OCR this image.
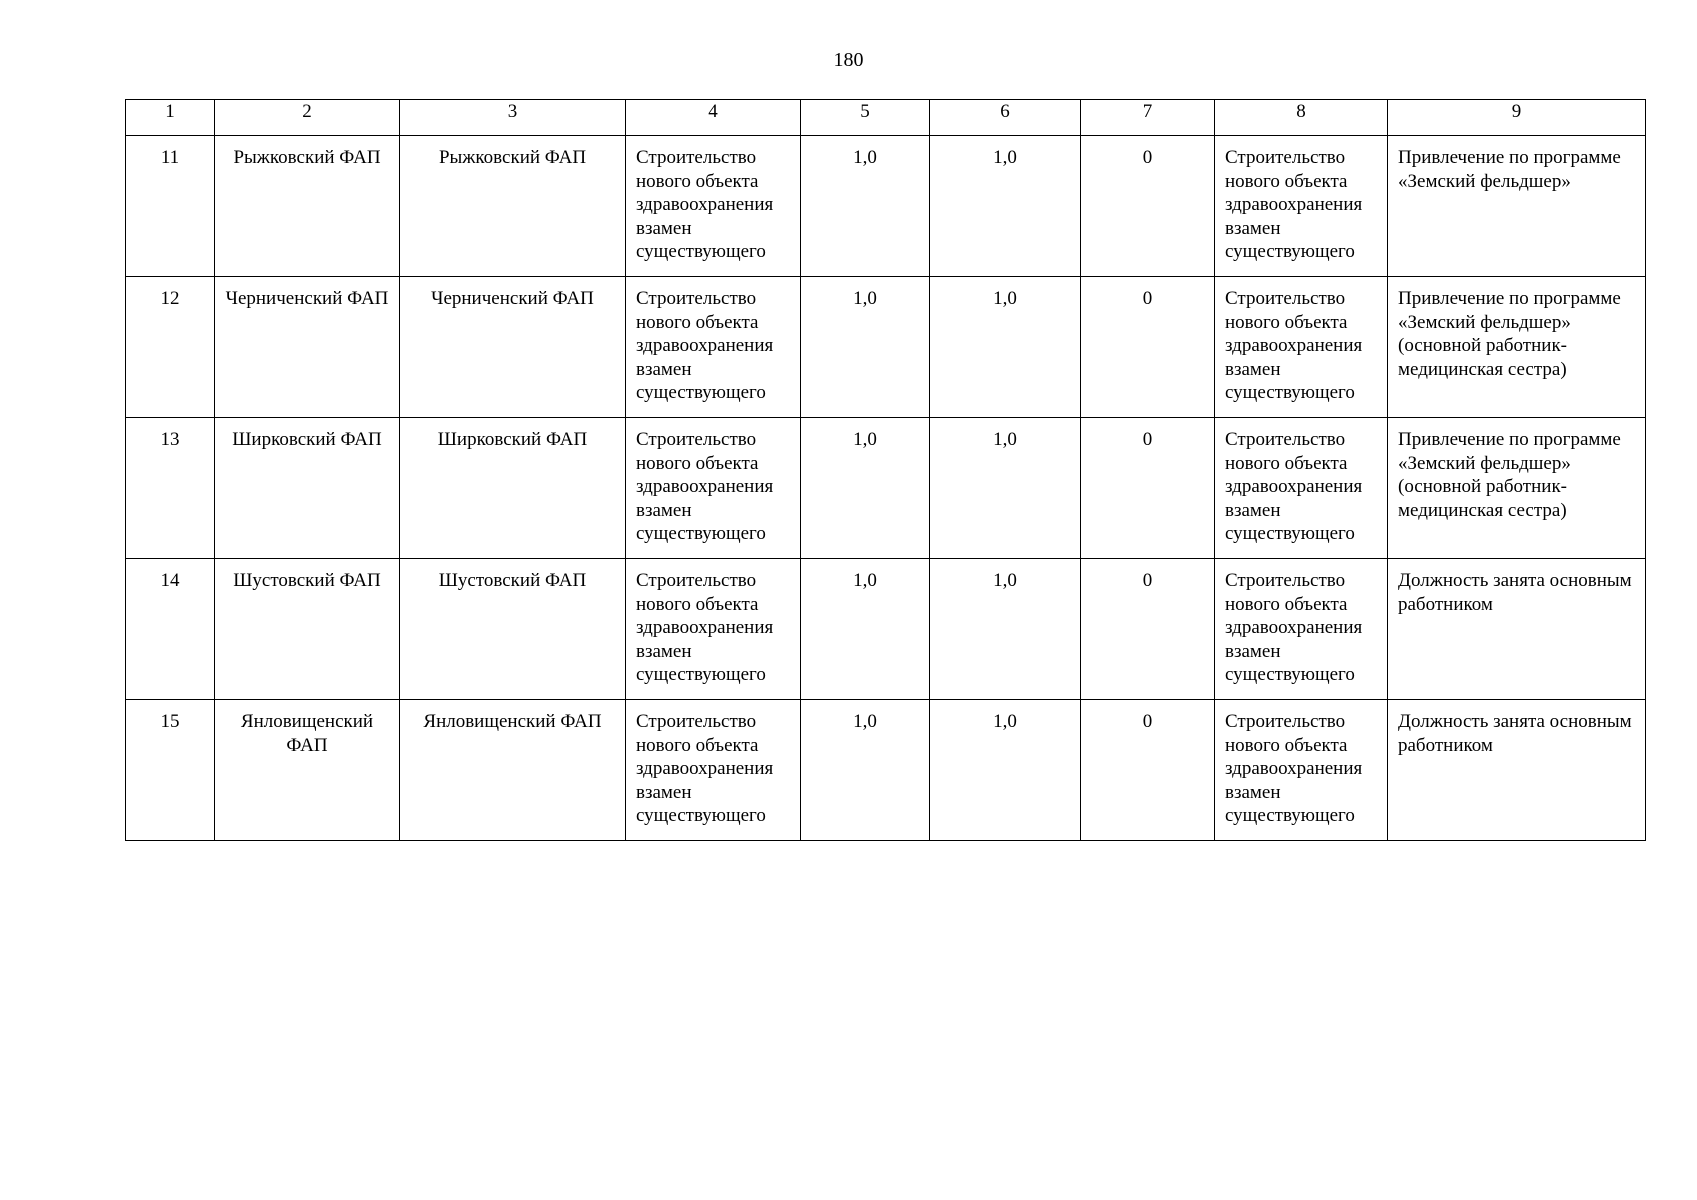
180
1	2	3	4	5	6	7	8	9
11	Рыжковский ФАП	Рыжковский ФАП	Строительство нового объекта здравоохранения взамен существующего	1,0	1,0	0	Строительство нового объекта здравоохранения взамен существующего	Привлечение по программе «Земский фельдшер»
12	Черниченский ФАП	Черниченский ФАП	Строительство нового объекта здравоохранения взамен существующего	1,0	1,0	0	Строительство нового объекта здравоохранения взамен существующего	Привлечение по программе «Земский фельдшер» (основной работник- медицинская сестра)
13	Ширковский ФАП	Ширковский ФАП	Строительство нового объекта здравоохранения взамен существующего	1,0	1,0	0	Строительство нового объекта здравоохранения взамен существующего	Привлечение по программе «Земский фельдшер» (основной работник- медицинская сестра)
14	Шустовский ФАП	Шустовский ФАП	Строительство нового объекта здравоохранения взамен существующего	1,0	1,0	0	Строительство нового объекта здравоохранения взамен существующего	Должность занята основным работником
15	Янловищенский ФАП	Янловищенский ФАП	Строительство нового объекта здравоохранения взамен существующего	1,0	1,0	0	Строительство нового объекта здравоохранения взамен существующего	Должность занята основным работником
